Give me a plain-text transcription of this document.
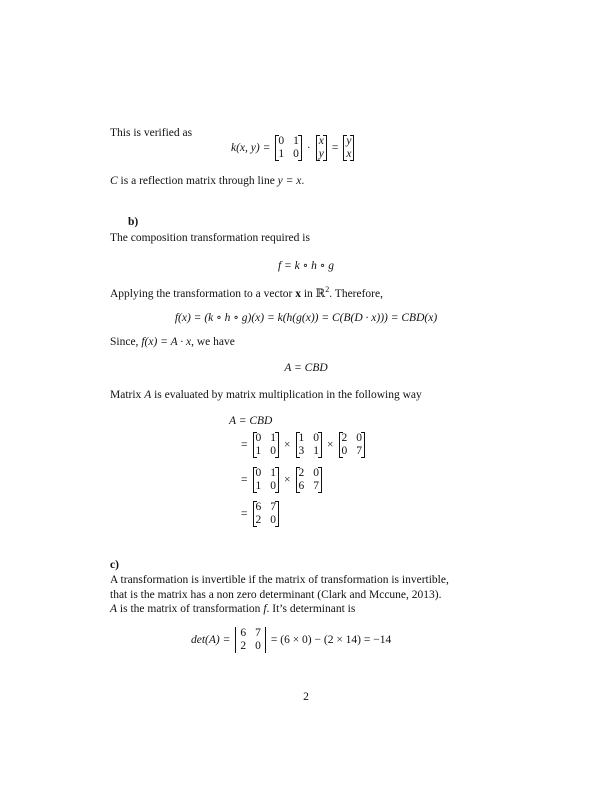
This is verified as
k(x, y) =
0 1
1 0 ·
x
y =
y
x
C is a reflection matrix through line y = x.
b)
The composition transformation required is
f = k ∘ h ∘ g
Applying the transformation to a vector x in ℝ$^2$. Therefore,
f(x) = (k ∘ h ∘ g)(x) = k(h(g(x)) = C(B(D · x))) = CBD(x)
Since, f(x) = A · x, we have
A = CBD
Matrix A is evaluated by matrix multiplication in the following way
A = CBD
=
0 1
1 0 ×
1 0
3 1 ×
2 0
0 7
=
0 1
1 0 ×
2 0
6 7
=
6 7
2 0
c)
A transformation is invertible if the matrix of transformation is invertible,
that is the matrix has a non zero determinant (Clark and Mccune, 2013).
A is the matrix of transformation f. It’s determinant is
det(A) =
6 7
2 0 = (6 × 0) − (2 × 14) = −14
2
